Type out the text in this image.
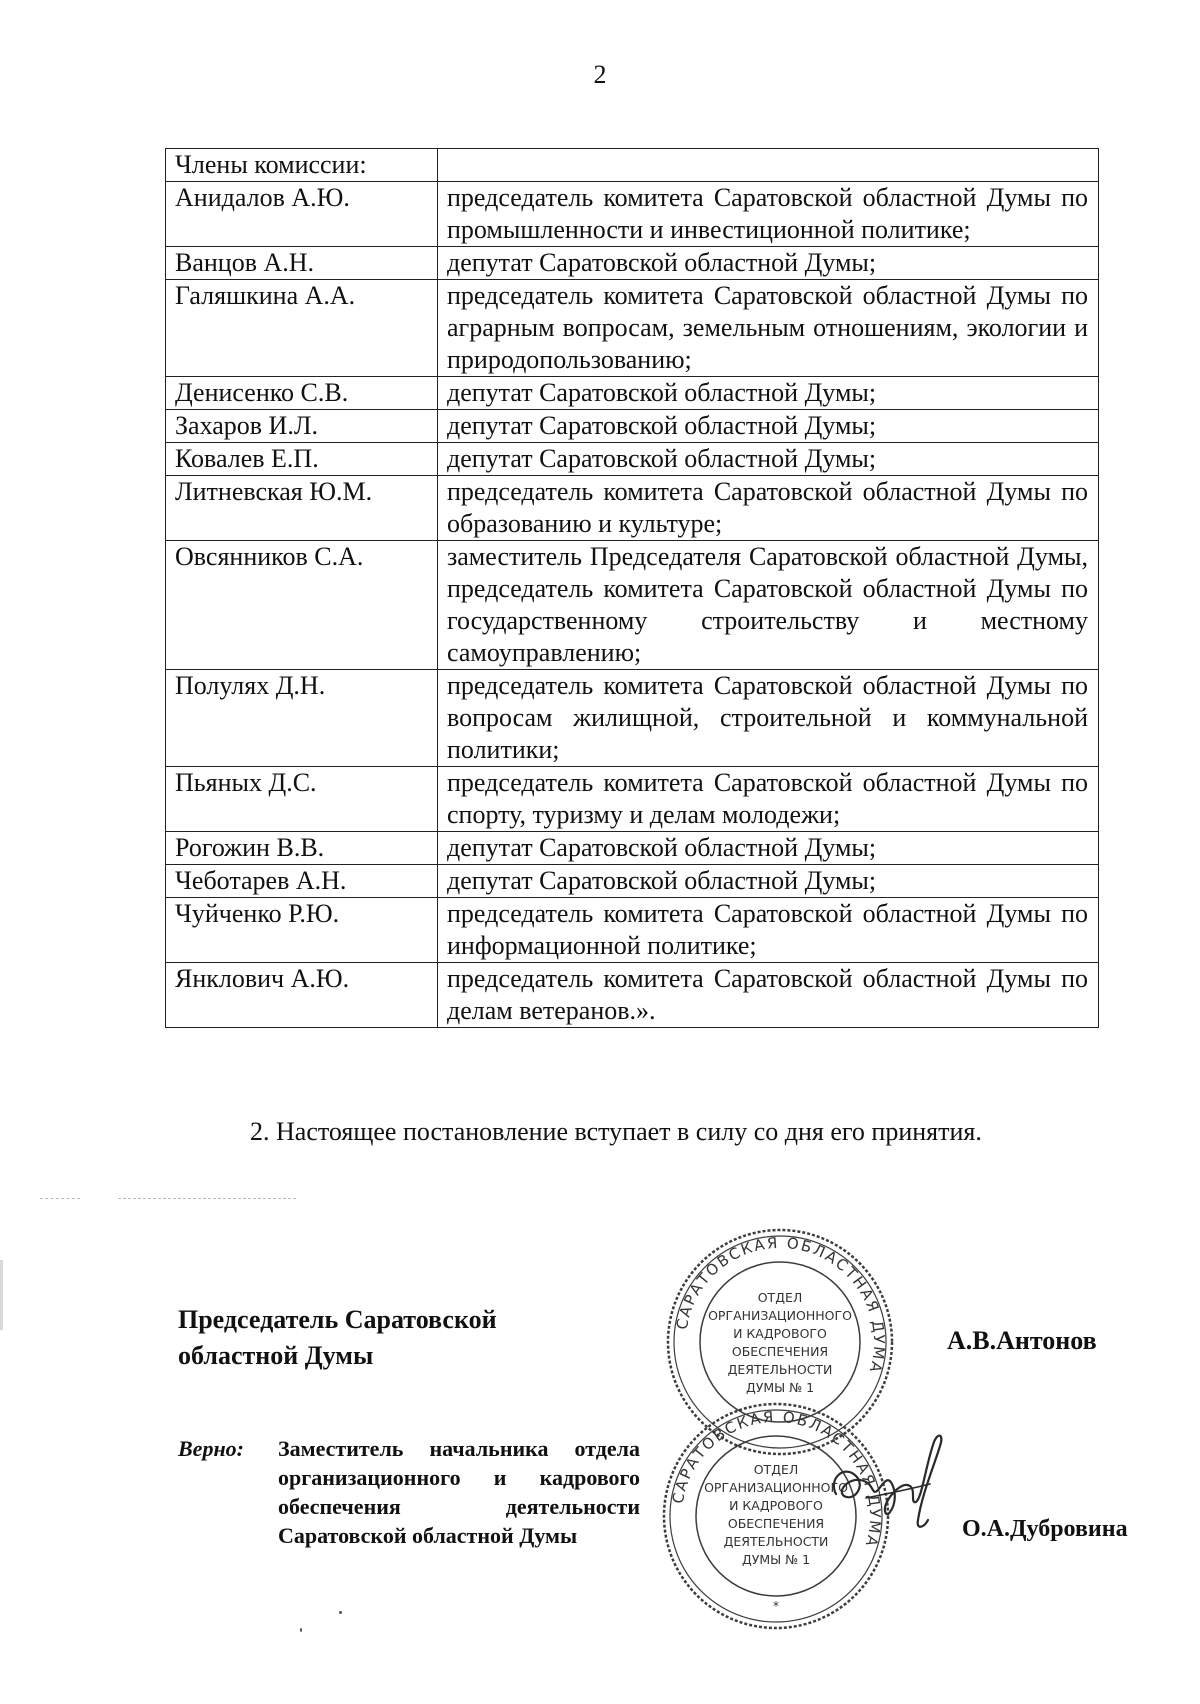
2
Члены комиссии:	
Анидалов А.Ю.	председатель комитета Саратовской областной Думы по промышленности и инвестиционной политике;
Ванцов А.Н.	депутат Саратовской областной Думы;
Галяшкина А.А.	председатель комитета Саратовской областной Думы по аграрным вопросам, земельным отношениям, экологии и природопользованию;
Денисенко С.В.	депутат Саратовской областной Думы;
Захаров И.Л.	депутат Саратовской областной Думы;
Ковалев Е.П.	депутат Саратовской областной Думы;
Литневская Ю.М.	председатель комитета Саратовской областной Думы по образованию и культуре;
Овсянников С.А.	заместитель Председателя Саратовской областной Думы, председатель комитета Саратовской областной Думы по государственному строительству и местному самоуправлению;
Полулях Д.Н.	председатель комитета Саратовской областной Думы по вопросам жилищной, строительной и коммунальной политики;
Пьяных Д.С.	председатель комитета Саратовской областной Думы по спорту, туризму и делам молодежи;
Рогожин В.В.	депутат Саратовской областной Думы;
Чеботарев А.Н.	депутат Саратовской областной Думы;
Чуйченко Р.Ю.	председатель комитета Саратовской областной Думы по информационной политике;
Янклович А.Ю.	председатель комитета Саратовской областной Думы по делам ветеранов.».
2. Настоящее постановление вступает в силу со дня его принятия.
Председатель Саратовской
областной Думы
А.В.Антонов
САРАТОВСКАЯ ОБЛАСТНАЯ ДУМА
ОТДЕЛ
ОРГАНИЗАЦИОННОГО
И КАДРОВОГО
ОБЕСПЕЧЕНИЯ
ДЕЯТЕЛЬНОСТИ
ДУМЫ № 1
САРАТОВСКАЯ ОБЛАСТНАЯ ДУМА
ОТДЕЛ
ОРГАНИЗАЦИОННОГО
И КАДРОВОГО
ОБЕСПЕЧЕНИЯ
ДЕЯТЕЛЬНОСТИ
ДУМЫ № 1
*
Верно: Заместитель начальника отдела организационного и кадрового обеспечения деятельности Саратовской областной Думы	О.А.Дубровина
